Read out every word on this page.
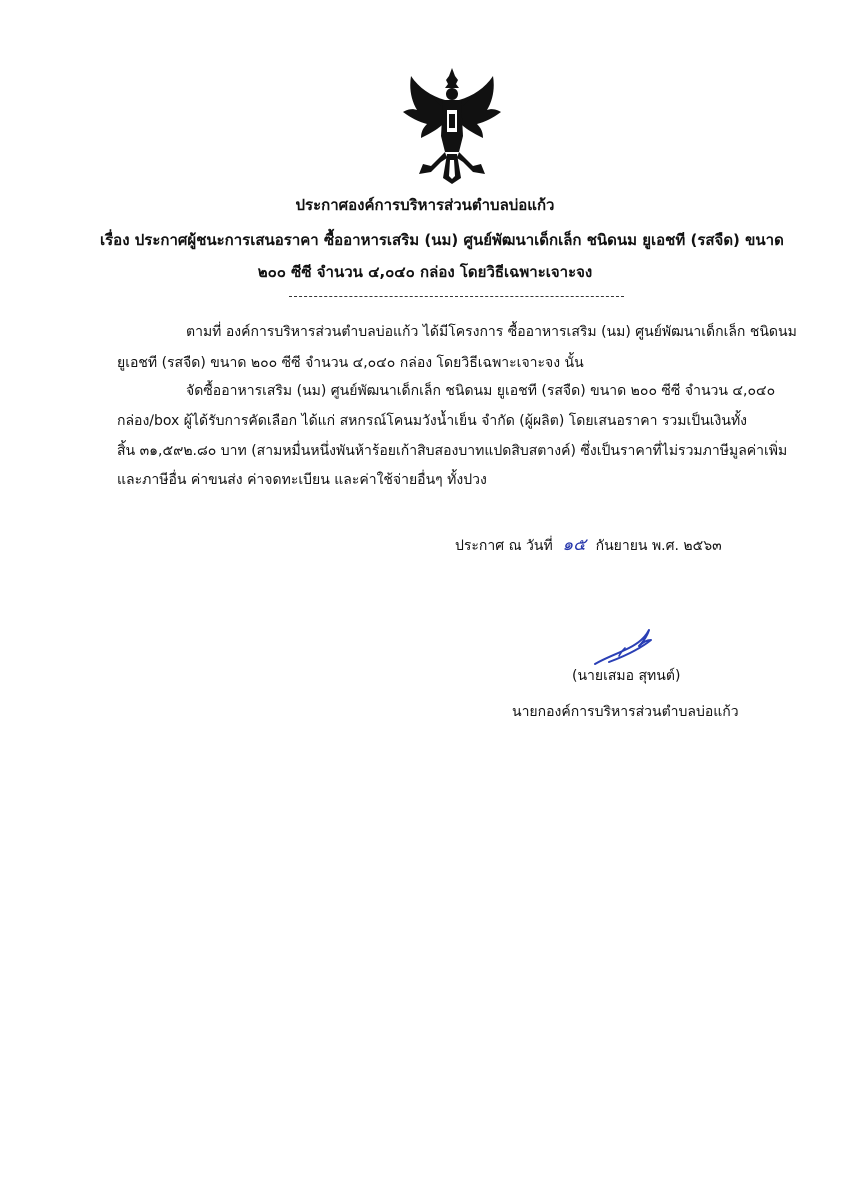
ประกาศองค์การบริหารส่วนตำบลบ่อแก้ว
เรื่อง ประกาศผู้ชนะการเสนอราคา ซื้ออาหารเสริม (นม) ศูนย์พัฒนาเด็กเล็ก ชนิดนม ยูเอชที (รสจืด) ขนาด
๒๐๐ ซีซี จำนวน ๔,๐๔๐ กล่อง โดยวิธีเฉพาะเจาะจง
ตามที่ องค์การบริหารส่วนตำบลบ่อแก้ว ได้มีโครงการ ซื้ออาหารเสริม (นม) ศูนย์พัฒนาเด็กเล็ก ชนิดนม
ยูเอชที (รสจืด) ขนาด ๒๐๐ ซีซี จำนวน ๔,๐๔๐ กล่อง โดยวิธีเฉพาะเจาะจง นั้น
จัดซื้ออาหารเสริม (นม) ศูนย์พัฒนาเด็กเล็ก ชนิดนม ยูเอชที (รสจืด) ขนาด ๒๐๐ ซีซี จำนวน ๔,๐๔๐
กล่อง/box ผู้ได้รับการคัดเลือก ได้แก่ สหกรณ์โคนมวังน้ำเย็น จำกัด (ผู้ผลิต) โดยเสนอราคา รวมเป็นเงินทั้ง
สิ้น ๓๑,๕๙๒.๘๐ บาท (สามหมื่นหนึ่งพันห้าร้อยเก้าสิบสองบาทแปดสิบสตางค์) ซึ่งเป็นราคาที่ไม่รวมภาษีมูลค่าเพิ่ม
และภาษีอื่น ค่าขนส่ง ค่าจดทะเบียน และค่าใช้จ่ายอื่นๆ ทั้งปวง
ประกาศ ณ วันที่ ๑๕ กันยายน พ.ศ. ๒๕๖๓
(นายเสมอ สุทนต์)
นายกองค์การบริหารส่วนตำบลบ่อแก้ว
